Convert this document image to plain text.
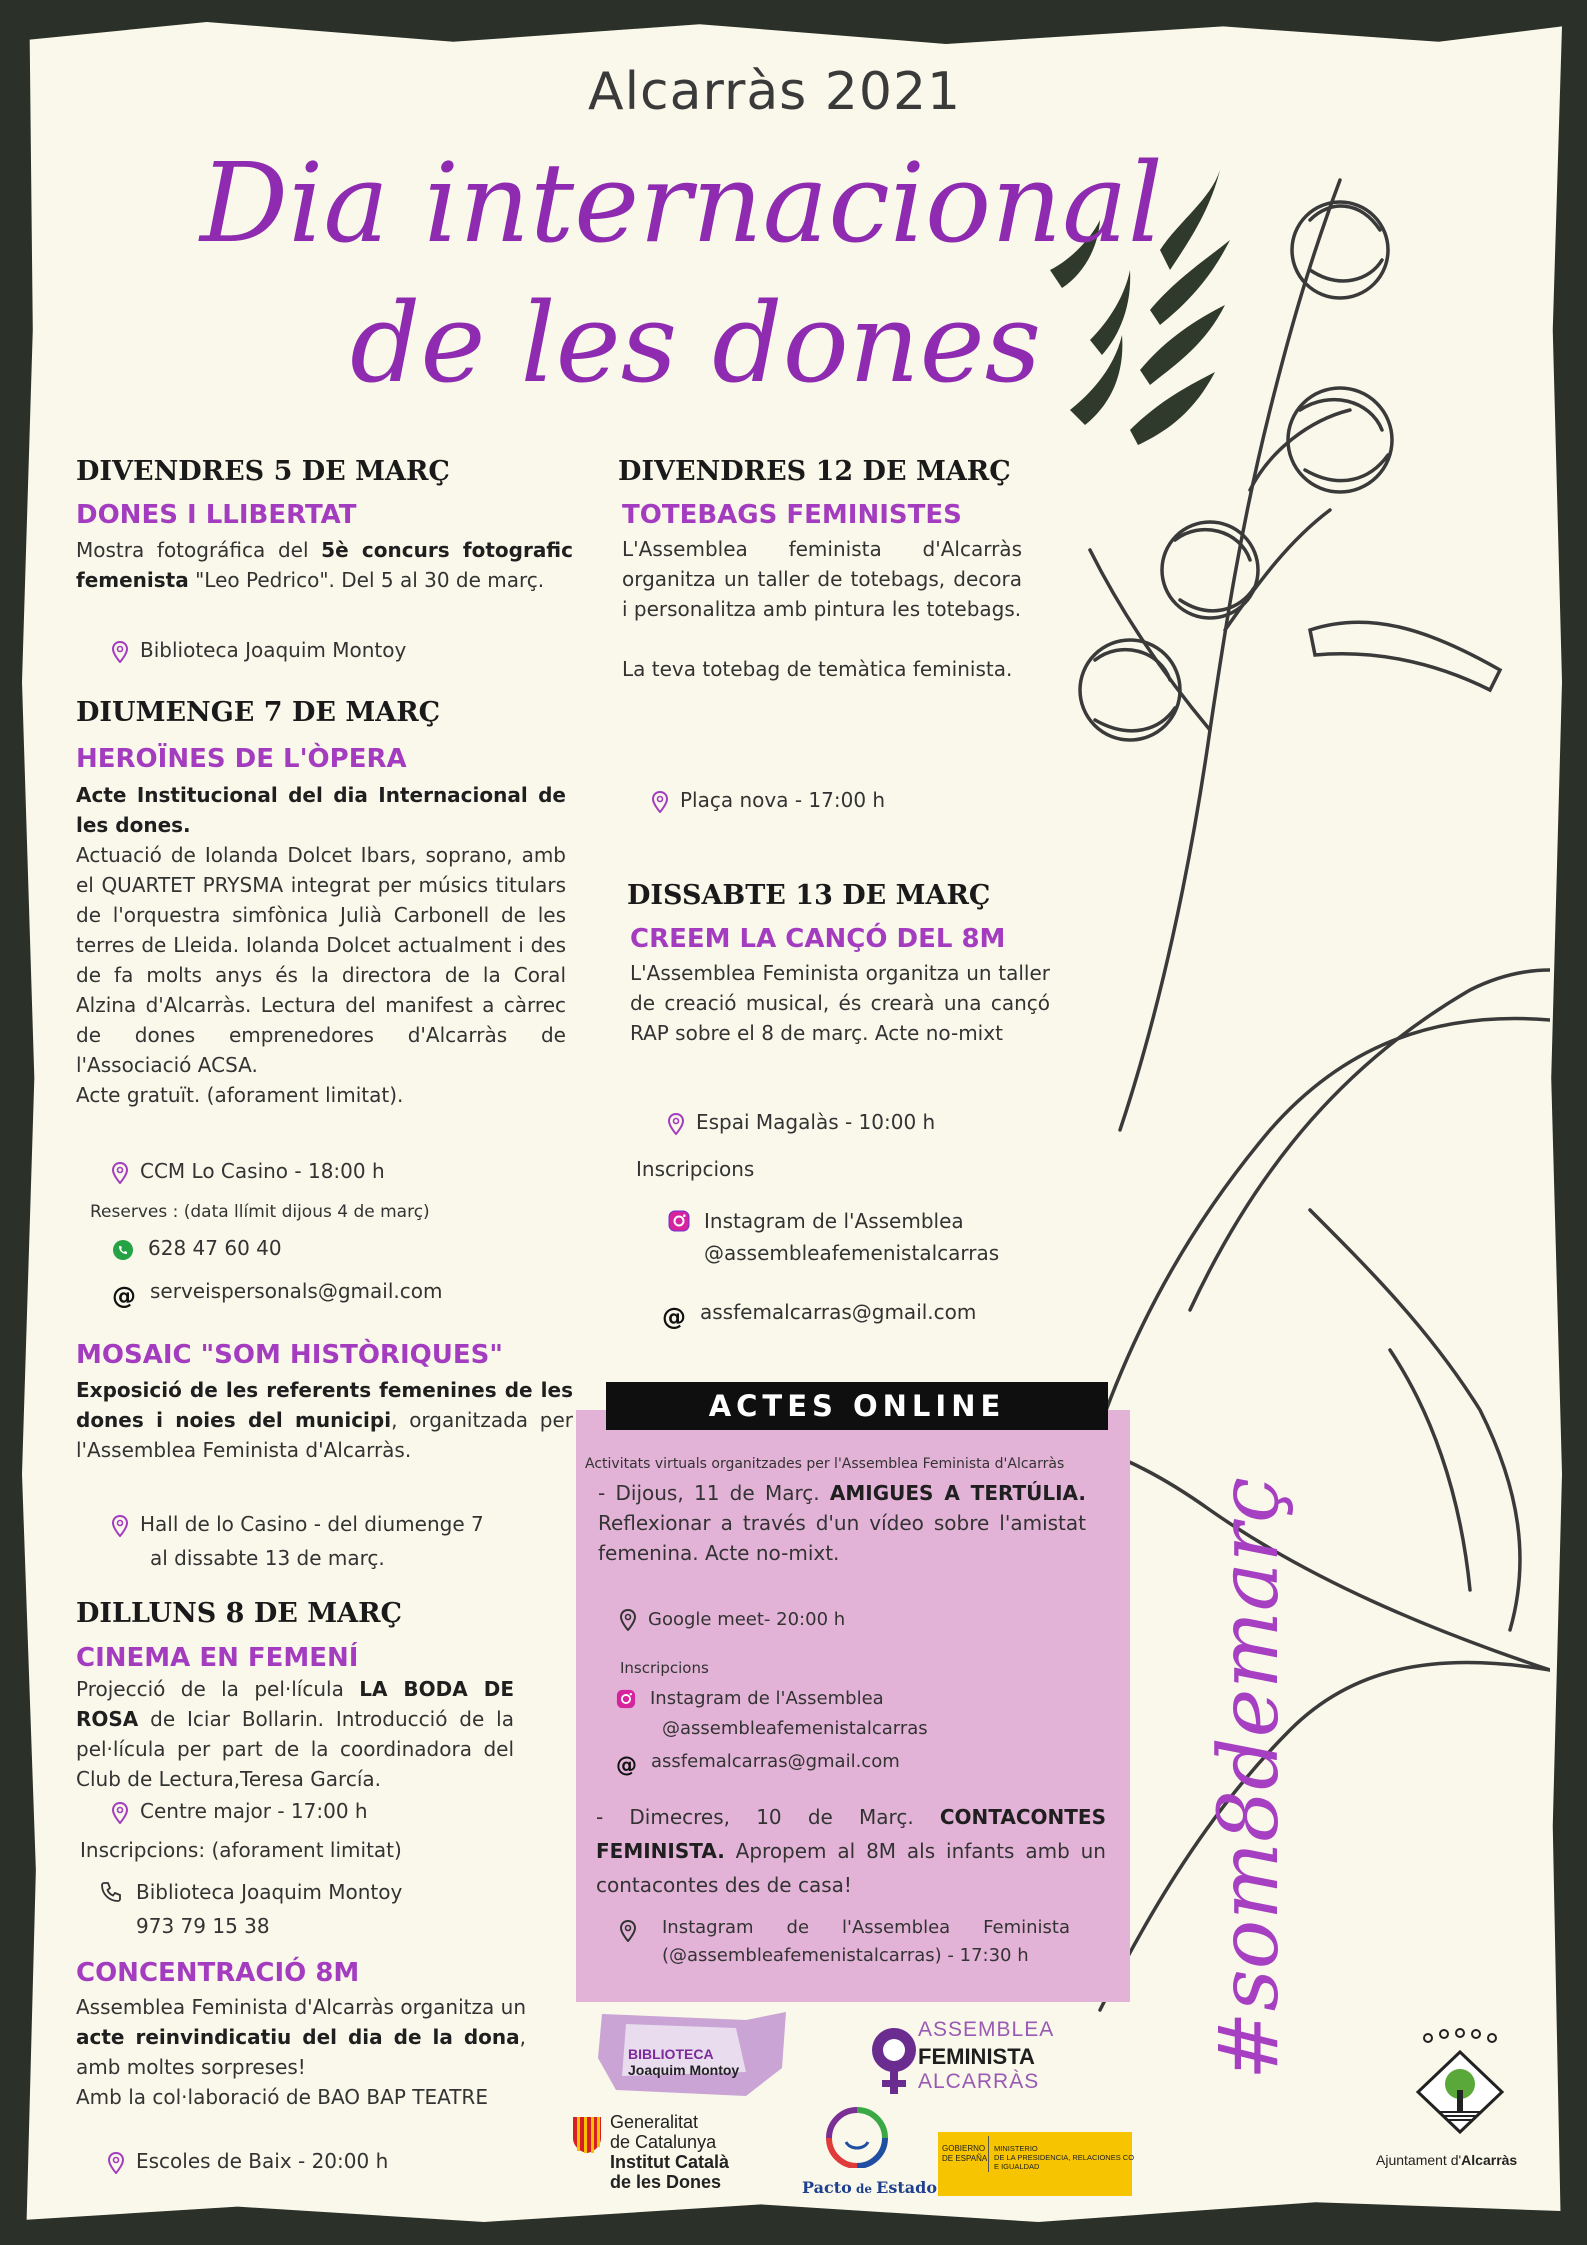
Alcarràs 2021
Dia internacional
de les dones
DIVENDRES 5 DE MARÇ
DONES I LLIBERTAT
Mostra fotográfica del 5è concurs fotografic femenista "Leo Pedrico". Del 5 al 30 de març.
Biblioteca Joaquim Montoy
DIUMENGE 7 DE MARÇ
HEROÏNES DE L'ÒPERA
Acte Institucional del dia Internacional de les dones.
Actuació de Iolanda Dolcet Ibars, soprano, amb el QUARTET PRYSMA integrat per músics titulars de l'orquestra simfònica Julià Carbonell de les terres de Lleida. Iolanda Dolcet actualment i des de fa molts anys és la directora de la Coral Alzina d'Alcarràs. Lectura del manifest a càrrec de dones emprenedores d'Alcarràs de l'Associació ACSA.
Acte gratuït. (aforament limitat).
CCM Lo Casino - 18:00 h
Reserves : (data llímit dijous 4 de març)
628 47 60 40
@ serveispersonals@gmail.com
MOSAIC "SOM HISTÒRIQUES"
Exposició de les referents femenines de les dones i noies del municipi, organitzada per l'Assemblea Feminista d'Alcarràs.
Hall de lo Casino - del diumenge 7
al dissabte 13 de març.
DILLUNS 8 DE MARÇ
CINEMA EN FEMENÍ
Projecció de la pel·lícula LA BODA DE ROSA de Iciar Bollarin. Introducció de la pel·lícula per part de la coordinadora del Club de Lectura,Teresa García.
Centre major - 17:00 h
Inscripcions: (aforament limitat)
Biblioteca Joaquim Montoy
973 79 15 38
CONCENTRACIÓ 8M
Assemblea Feminista d'Alcarràs organitza un acte reinvindicatiu del dia de la dona, amb moltes sorpreses!
Amb la col·laboració de BAO BAP TEATRE
Escoles de Baix - 20:00 h
DIVENDRES 12 DE MARÇ
TOTEBAGS FEMINISTES
L'Assemblea feminista d'Alcarràs organitza un taller de totebags, decora i personalitza amb pintura les totebags.

La teva totebag de temàtica feminista.
Plaça nova - 17:00 h
DISSABTE 13 DE MARÇ
CREEM LA CANÇÓ DEL 8M
L'Assemblea Feminista organitza un taller de creació musical, és crearà una cançó RAP sobre el 8 de març. Acte no-mixt
Espai Magalàs - 10:00 h
Inscripcions
Instagram de l'Assemblea
@assembleafemenistalcarras
@ assfemalcarras@gmail.com
ACTES ONLINE
Activitats virtuals organitzades per l'Assemblea Feminista d'Alcarràs
- Dijous, 11 de Març. AMIGUES A TERTÚLIA. Reflexionar a través d'un vídeo sobre l'amistat femenina. Acte no-mixt.
Google meet- 20:00 h
Inscripcions
Instagram de l'Assemblea
@assembleafemenistalcarras
@ assfemalcarras@gmail.com
- Dimecres, 10 de Març. CONTACONTES FEMINISTA. Apropem al 8M als infants amb un contacontes des de casa!
Instagram de l'Assemblea Feminista
(@assembleafemenistalcarras) - 17:30 h	#som8demarç
BIBLIOTECA
Joaquim Montoy
ASSEMBLEA
FEMINISTA
ALCARRÀS
Generalitat
de Catalunya
Institut Català
de les Dones	Pacto de Estado
GOBIERNO
DE ESPAÑA
MINISTERIO
DE LA PRESIDENCIA, RELACIONES CO
E IGUALDAD	Ajuntament d'Alcarràs
